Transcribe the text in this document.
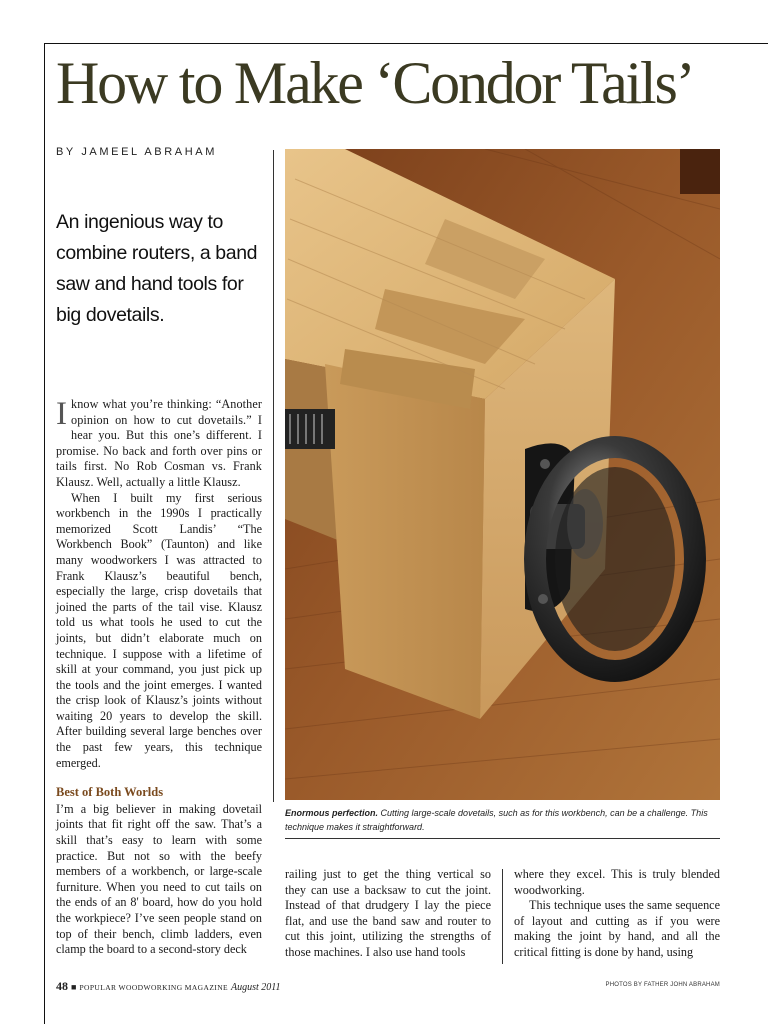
How to Make ‘Condor Tails’
BY JAMEEL ABRAHAM
An ingenious way to combine routers, a band saw and hand tools for big dovetails.
Enormous perfection. Cutting large-scale dovetails, such as for this workbench, can be a challenge. This technique makes it straightforward.

Iknow what you’re thinking: “Another opinion on how to cut dovetails.” I hear you. But this one’s different. I promise. No back and forth over pins or tails first. No Rob Cosman vs. Frank Klausz. Well, actually a little Klausz.

When I built my first serious workbench in the 1990s I practically memorized Scott Landis’ “The Workbench Book” (Taunton) and like many woodworkers I was attracted to Frank Klausz’s beautiful bench, especially the large, crisp dovetails that joined the parts of the tail vise. Klausz told us what tools he used to cut the joints, but didn’t elaborate much on technique. I suppose with a lifetime of skill at your command, you just pick up the tools and the joint emerges. I wanted the crisp look of Klausz’s joints without waiting 20 years to develop the skill. After building several large benches over the past few years, this technique emerged.

Best of Both Worlds

I’m a big believer in making dovetail joints that fit right off the saw. That’s a skill that’s easy to learn with some practice. But not so with the beefy members of a workbench, or large-scale furniture. When you need to cut tails on the ends of an 8' board, how do you hold the workpiece? I’ve seen people stand on top of their bench, climb ladders, even clamp the board to a second-story deck

railing just to get the thing vertical so they can use a backsaw to cut the joint. Instead of that drudgery I lay the piece flat, and use the band saw and router to cut this joint, utilizing the strengths of those machines. I also use hand tools

where they excel. This is truly blended woodworking.

This technique uses the same sequence of layout and cutting as if you were making the joint by hand, and all the critical fitting is done by hand, using

48 ■ POPULAR WOODWORKING MAGAZINE August 2011	PHOTOS BY FATHER JOHN ABRAHAM
